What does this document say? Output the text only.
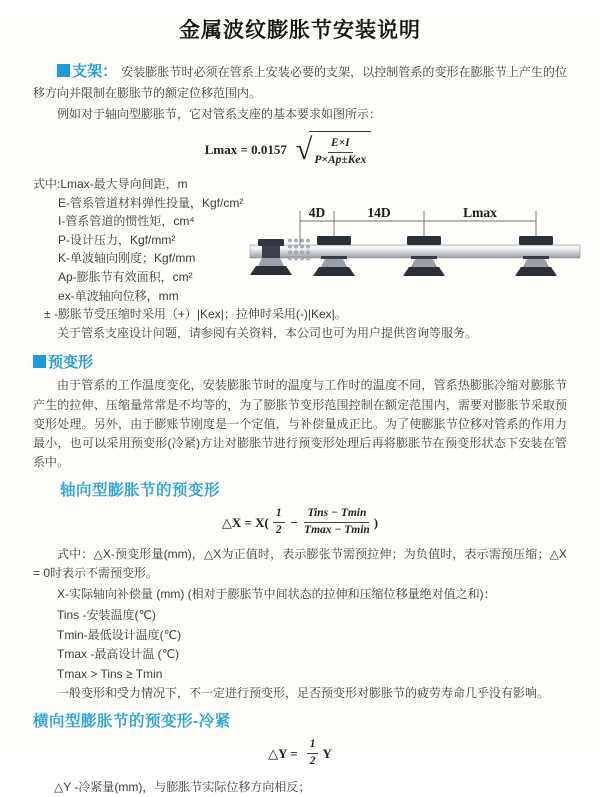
金属波纹膨胀节安装说明

支架： 安装膨胀节时必须在管系上安装必要的支架，以控制管系的变形在膨胀节上产生的位移方向并限制在膨胀节的额定位移范围内。

例如对于轴向型膨胀节，它对管系支座的基本要求如图所示：

Lmax = 0.0157 √ $\frac{E\times I}{\text{P×Ap±Kex}}$
式中:Lmax-最大导向间距，m
E-管系管道材料弹性投量，Kgf/cm²
I-管系管道的惯性矩，cm⁴
P-设计压力，Kgf/mm²
K-单波轴向刚度；Kgf/mm
Ap-膨胀节有效面积，cm²
ex-单波轴向位移，mm
± -膨胀节受压缩时采用（+）|Kex|；拉伸时采用(-)|Kex|。
关于管系支座设计问题，请参阅有关资料，本公司也可为用户提供咨询等服务。
4D	14D	Lmax
预变形

由于管系的工作温度变化，安装膨胀节时的温度与工作时的温度不同，管系热膨胀冷缩对膨胀节产生的拉伸、压缩量常常是不均等的，为了膨胀节变形范围控制在额定范围内，需要对膨胀节采取预变形处理。另外，由于膨账节刚度是一个定值，与补偿量成正比。为了使膨胀节位移对管系的作用力最小，也可以采用预变形(冷紧)方让对膨胀节进行预变形处理后再将膨胀节在预变形状态下安装在管系中。

轴向型膨胀节的预变形
△X = $X( \frac{1}{2} - \frac{\text{Tins − Tmin}}{Tmax - Tmin}$ )

式中：△X-预变形量(mm)，△X为正值时，表示膨张节需预拉伸；为负值时，表示需预压缩；△X = 0时表示不需预变形。

X-实际轴向补偿量 (mm) (相对于膨胀节中间状态的拉伸和压缩位移量绝对值之和)：

Tins -安装温度(℃)
Tmin-最低设计温度(℃)
Tmax -最高设计温 (℃)
Tmax > Tins ≥ Tmin

一般变形和受力情况下，不一定进行预变形，足否预变形对膨胀节的疲劳寿命几乎没有影响。

横向型膨胀节的预变形-冷紧
△Y = $\frac{1}{2}$ Y

△Y -冷紧量(mm)，与膨胀节实际位移方向相反；
